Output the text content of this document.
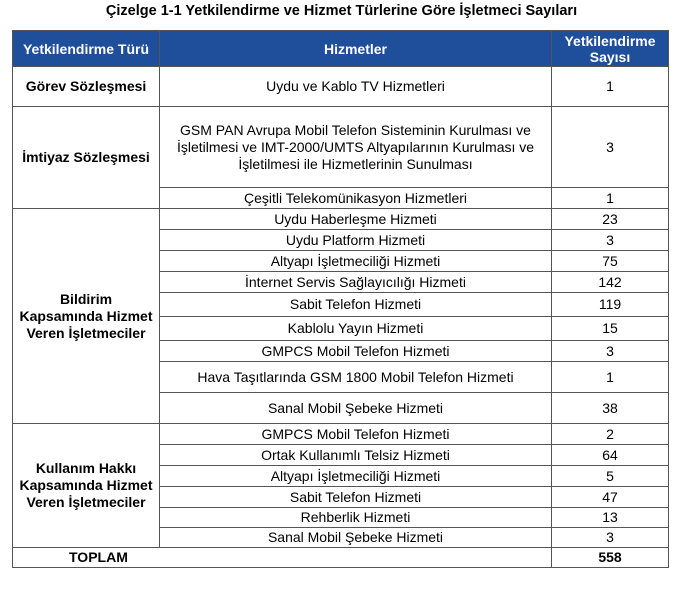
Çizelge 1-1 Yetkilendirme ve Hizmet Türlerine Göre İşletmeci Sayıları
Yetkilendirme Türü	Hizmetler	Yetkilendirme Sayısı
Görev Sözleşmesi	Uydu ve Kablo TV Hizmetleri	1
İmtiyaz Sözleşmesi	GSM PAN Avrupa Mobil Telefon Sisteminin Kurulması ve İşletilmesi ve IMT-2000/UMTS Altyapılarının Kurulması ve İşletilmesi ile Hizmetlerinin Sunulması	3
	Çeşitli Telekomünikasyon Hizmetleri	1
Bildirim Kapsamında Hizmet Veren İşletmeciler	Uydu Haberleşme Hizmeti	23
	Uydu Platform Hizmeti	3
	Altyapı İşletmeciliği Hizmeti	75
	İnternet Servis Sağlayıcılığı Hizmeti	142
	Sabit Telefon Hizmeti	119
	Kablolu Yayın Hizmeti	15
	GMPCS Mobil Telefon Hizmeti	3
	Hava Taşıtlarında GSM 1800 Mobil Telefon Hizmeti	1
	Sanal Mobil Şebeke Hizmeti	38
Kullanım Hakkı Kapsamında Hizmet Veren İşletmeciler	GMPCS Mobil Telefon Hizmeti	2
	Ortak Kullanımlı Telsiz Hizmeti	64
	Altyapı İşletmeciliği Hizmeti	5
	Sabit Telefon Hizmeti	47
	Rehberlik Hizmeti	13
	Sanal Mobil Şebeke Hizmeti	3
TOPLAM		558
